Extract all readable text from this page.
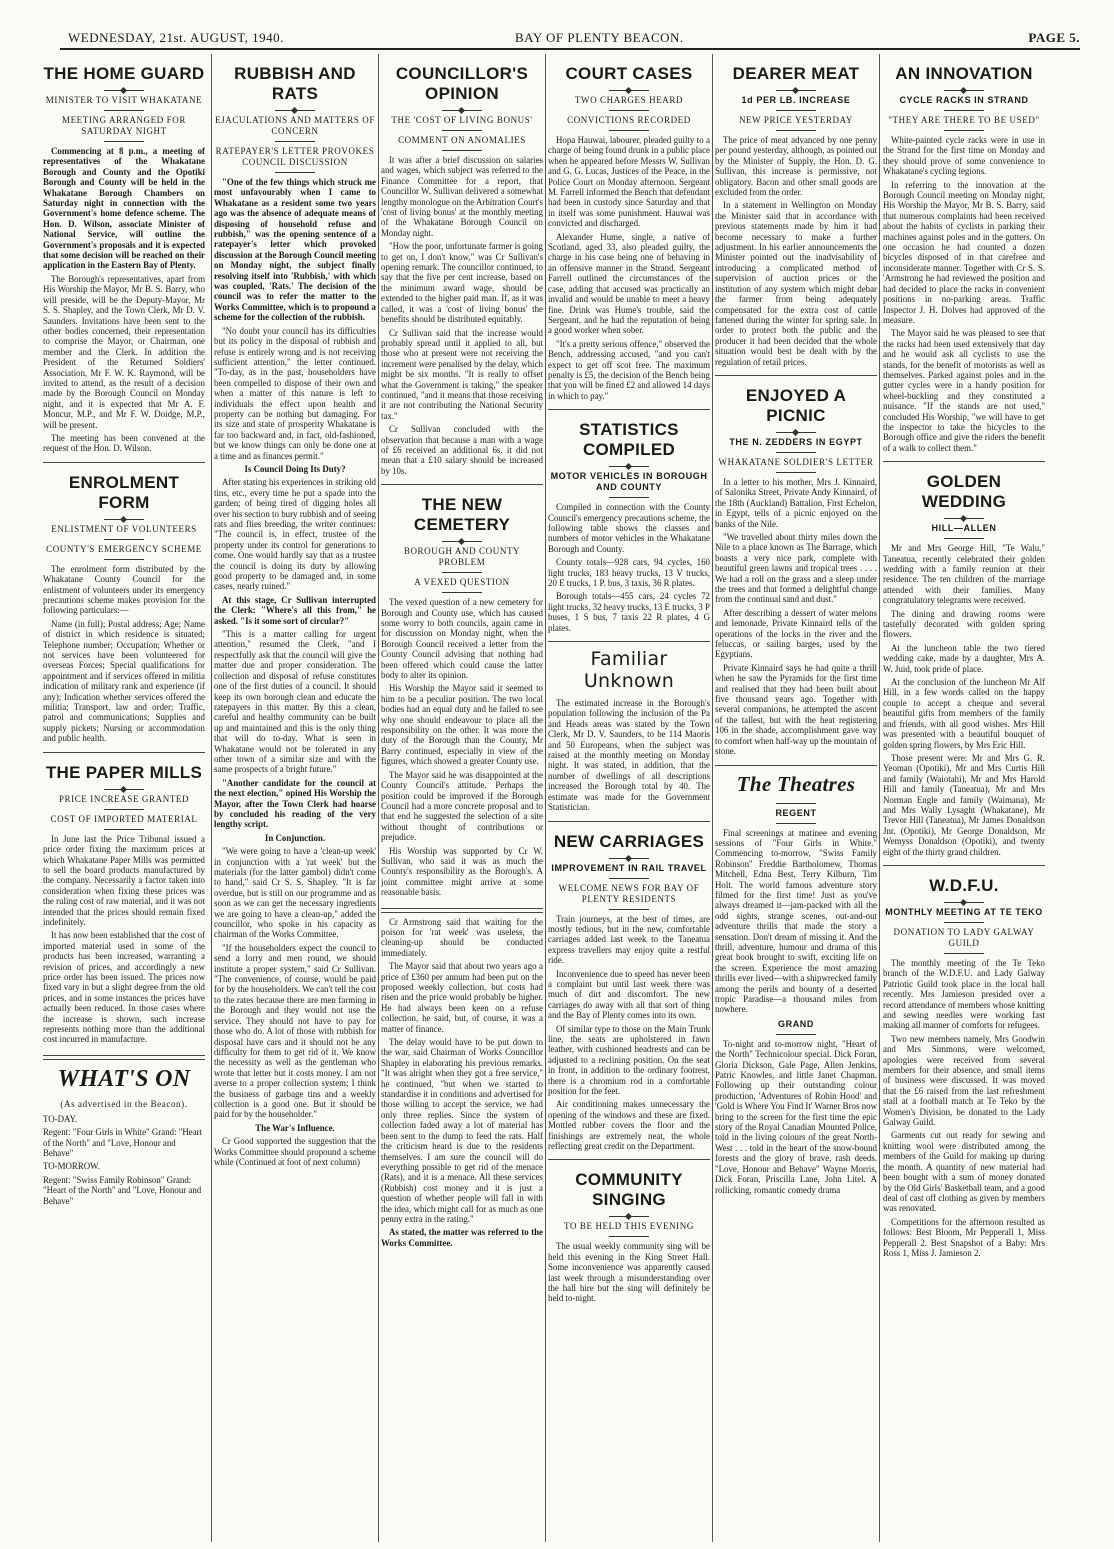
WEDNESDAY, 21st. AUGUST, 1940.	BAY OF PLENTY BEACON.	PAGE 5.
THE HOME GUARD
MINISTER TO VISIT WHAKATANE
MEETING ARRANGED FOR SATURDAY NIGHT

Commencing at 8 p.m., a meeting of representatives of the Whakatane Borough and County and the Opotiki Borough and County will be held in the Whakatane Borough Chambers on Saturday night in connection with the Government's home defence scheme. The Hon. D. Wilson, associate Minister of National Service, will outline the Government's proposals and it is expected that some decision will be reached on their application in the Eastern Bay of Plenty.

The Borough's representatives, apart from His Worship the Mayor, Mr B. S. Barry, who will preside, will be the Deputy-Mayor, Mr S. S. Shapley, and the Town Clerk, Mr D. V. Saunders. Invitations have been sent to the other bodies concerned, their representation to comprise the Mayor, or Chairman, one member and the Clerk. In addition the President of the Returned Soldiers' Association, Mr F. W. K. Raymond, will be invited to attend, as the result of a decision made by the Borough Council on Monday night, and it is expected that Mr A. F. Moncur, M.P., and Mr F. W. Doidge, M.P., will be present.

The meeting has been convened at the request of the Hon. D. Wilson.

ENROLMENT FORM
ENLISTMENT OF VOLUNTEERS
COUNTY'S EMERGENCY SCHEME

The enrolment form distributed by the Whakatane County Council for the enlistment of volunteers under its emergency precautions scheme makes provision for the following particulars:—

Name (in full); Postal address; Age; Name of district in which residence is situated; Telephone number; Occupation; Whether or not services have been volunteered for overseas Forces; Special qualifications for appointment and if services offered in militia indication of military rank and experience (if any); Indication whether services offered the militia; Transport, law and order; Traffic, patrol and communications; Supplies and supply pickets; Nursing or accommodation and public health.

THE PAPER MILLS
PRICE INCREASE GRANTED
COST OF IMPORTED MATERIAL

In June last the Price Tribunal issued a price order fixing the maximum prices at which Whakatane Paper Mills was permitted to sell the board products manufactured by the company. Necessarily a factor taken into consideration when fixing these prices was the ruling cost of raw material, and it was not intended that the prices should remain fixed indefinitely.

It has now been established that the cost of imported material used in some of the products has been increased, warranting a revision of prices, and accordingly a new price order has been issued. The prices now fixed vary in but a slight degree from the old prices, and in some instances the prices have actually been reduced. In those cases where the increase is shown, such increase represents nothing more than the additional cost incurred in manufacture.

WHAT'S ON
(As advertised in the Beacon).

TO-DAY.

Regent: "Four Girls in White" Grand: "Heart of the North" and "Love, Honour and Behave"

TO-MORROW.

Regent: "Swiss Family Robinson" Grand: "Heart of the North" and "Love, Honour and Behave"

RUBBISH AND RATS
EJACULATIONS AND MATTERS OF CONCERN
RATEPAYER'S LETTER PROVOKES COUNCIL DISCUSSION

"One of the few things which struck me most unfavourably when I came to Whakatane as a resident some two years ago was the absence of adequate means of disposing of household refuse and rubbish," was the opening sentence of a ratepayer's letter which provoked discussion at the Borough Council meeting on Monday night, the subject finally resolving itself into 'Rubbish,' with which was coupled, 'Rats.' The decision of the council was to refer the matter to the Works Committee, which is to propound a scheme for the collection of the rubbish.

"No doubt your council has its difficulties but its policy in the disposal of rubbish and refuse is entirely wrong and is not receiving sufficient attention," the letter continued. "To-day, as in the past, householders have been compelled to dispose of their own and when a matter of this nature is left to individuals the effect upon health and property can be nothing but damaging. For its size and state of prosperity Whakatane is far too backward and, in fact, old-fashioned, but we know things can only be done one at a time and as finances permit."

Is Council Doing Its Duty?

After stating his experiences in striking old tins, etc., every time he put a spade into the garden; of being tired of digging holes all over his section to bury rubbish and of seeing rats and flies breeding, the writer continues: "The council is, in effect, trustee of the property under its control for generations to come. One would hardly say that as a trustee the council is doing its duty by allowing good property to be damaged and, in some cases, nearly ruined."

At this stage, Cr Sullivan interrupted the Clerk: "Where's all this from," he asked. "Is it some sort of circular?"

"This is a matter calling for urgent attention," resumed the Clerk, "and I respectfully ask that the council will give the matter due and proper consideration. The collection and disposal of refuse constitutes one of the first duties of a council. It should keep its own borough clean and educate the ratepayers in this matter. By this a clean, careful and healthy community can be built up and maintained and this is the only thing that will do to-day. What is seen in Whakatane would not be tolerated in any other town of a similar size and with the same prospects of a bright future."

"Another candidate for the council at the next election," opined His Worship the Mayor, after the Town Clerk had hoarse by concluded his reading of the very lengthy script.

In Conjunction.

"We were going to have a 'clean-up week' in conjunction with a 'rat week' but the materials (for the latter gambol) didn't come to hand," said Cr S. S. Shapley. "It is far overdue, but is still on our programme and as soon as we can get the necessary ingredients we are going to have a clean-up," added the councillor, who spoke in his capacity as chairman of the Works Committee.

"If the householders expect the council to send a lorry and men round, we should institute a proper system," said Cr Sullivan. "The convenience, of course, would be paid for by the householders. We can't tell the cost to the rates because there are men farming in the Borough and they would not use the service. They should not have to pay for those who do. A lot of those with rubbish for disposal have cars and it should not be any difficulty for them to get rid of it. We know the necessity as well as the gentleman who wrote that letter but it costs money. I am not averse to a proper collection system; I think the business of garbage tins and a weekly collection is a good one. But it should be paid for by the householder."

The War's Influence.

Cr Good supported the suggestion that the Works Committee should propound a scheme while (Continued at foot of next column)

COUNCILLOR'S OPINION
THE 'COST OF LIVING BONUS'
COMMENT ON ANOMALIES

It was after a brief discussion on salaries and wages, which subject was referred to the Finance Committee for a report, that Councillor W. Sullivan delivered a somewhat lengthy monologue on the Arbitration Court's 'cost of living bonus' at the monthly meeting of the Whakatane Borough Council on Monday night.

"How the poor, unfortunate farmer is going to get on, I don't know," was Cr Sullivan's opening remark. The councillor continued, to say that the five per cent increase, based on the minimum award wage, should be extended to the higher paid man. If, as it was called, it was a 'cost of living bonus' the benefits should be distributed equitably.

Cr Sullivan said that the increase would probably spread until it applied to all, but those who at present were not receiving the increment were penalised by the delay, which might be six months. "It is really to offset what the Government is taking," the speaker continued, "and it means that those receiving it are not contributing the National Security tax."

Cr Sullivan concluded with the observation that because a man with a wage of £6 received an additional 6s. it did not mean that a £10 salary should be increased by 10s.

THE NEW CEMETERY
BOROUGH AND COUNTY PROBLEM
A VEXED QUESTION

The vexed question of a new cemetery for Borough and County use, which has caused some worry to both councils, again came in for discussion on Monday night, when the Borough Council received a letter from the County Council advising that nothing had been offered which could cause the latter body to alter its opinion.

His Worship the Mayor said it seemed to him to be a peculiar position. The two local bodies had an equal duty and he failed to see why one should endeavour to place all the responsibility on the other. It was more the duty of the Borough than the County, Mr Barry continued, especially in view of the figures, which showed a greater County use.

The Mayor said he was disappointed at the County Council's attitude. Perhaps the position could be improved if the Borough Council had a more concrete proposal and to that end he suggested the selection of a site without thought of contributions or prejudice.

His Worship was supported by Cr W. Sullivan, who said it was as much the County's responsibility as the Borough's. A joint committee might arrive at some reasonable basis.

Cr Armstrong said that waiting for the poison for 'rat week' was useless, the cleaning-up should be conducted immediately.

The Mayor said that about two years ago a price of £360 per annum had been put on the proposed weekly collection, but costs had risen and the price would probably be higher. He had always been keen on a refuse collection, he said, but, of course, it was a matter of finance.

The delay would have to be put down to the war, said Chairman of Works Councillor Shapley in elaborating his previous remarks. "It was alright when they got a free service," he continued, "but when we started to standardise it in conditions and advertised for those willing to accept the service, we had only three replies. Since the system of collection faded away a lot of material has been sent to the dump to feed the rats. Half the criticism heard is due to the residents themselves. I am sure the council will do everything possible to get rid of the menace (Rats), and it is a menace. All these services (Rubbish) cost money and it is just a question of whether people will fall in with the idea, which might call for as much as one penny extra in the rating."

As stated, the matter was referred to the Works Committee.

COURT CASES
TWO CHARGES HEARD
CONVICTIONS RECORDED

Hopa Hauwai, labourer, pleaded guilty to a charge of being found drunk in a public place when he appeared before Messrs W. Sullivan and G. G. Lucas, Justices of the Peace, in the Police Court on Monday afternoon. Sergeant M. Farrell informed the Bench that defendant had been in custody since Saturday and that in itself was some punishment. Hauwai was convicted and discharged.

Alexander Hume, single, a native of Scotland, aged 33, also pleaded guilty, the charge in his case being one of behaving in an offensive manner in the Strand. Sergeant Farrell outlined the circumstances of the case, adding that accused was practically an invalid and would be unable to meet a heavy fine. Drink was Hume's trouble, said the Sergeant, and he had the reputation of being a good worker when sober.

"It's a pretty serious offence," observed the Bench, addressing accused, "and you can't expect to get off scot free. The maximum penalty is £5, the decision of the Bench being that you will be fined £2 and allowed 14 days in which to pay."

STATISTICS COMPILED
MOTOR VEHICLES IN BOROUGH AND COUNTY

Compiled in connection with the County Council's emergency precautions scheme, the following table shows the classes and numbers of motor vehicles in the Whakatane Borough and County.

County totals—928 cars, 94 cycles, 160 light trucks, 183 heavy trucks, 13 V trucks, 20 E trucks, 1 P. bus, 3 taxis, 36 R plates.

Borough totals—455 cars, 24 cycles 72 light trucks, 32 heavy trucks, 13 E trucks, 3 P buses, 1 S bus, 7 taxis 22 R plates, 4 G plates.

Familiar Unknown

The estimated increase in the Borough's population following the inclusion of the Pa and Heads areas was stated by the Town Clerk, Mr D. V. Saunders, to be 114 Maoris and 50 Europeans, when the subject was raised at the monthly meeting on Monday night. It was stated, in addition, that the number of dwellings of all descriptions increased the Borough total by 40. The estimate was made for the Government Statistician.

NEW CARRIAGES
IMPROVEMENT IN RAIL TRAVEL
WELCOME NEWS FOR BAY OF PLENTY RESIDENTS

Train journeys, at the best of times, are mostly tedious, but in the new, comfortable carriages added last week to the Taneatua express travellers may enjoy quite a restful ride.

Inconvenience due to speed has never been a complaint but until last week there was much of dirt and discomfort. The new carriages do away with all that sort of thing and the Bay of Plenty comes into its own.

Of similar type to those on the Main Trunk line, the seats are upholstered in fawn leather, with cushioned headrests and can be adjusted to a reclining position. On the seat in front, in addition to the ordinary footrest, there is a chromium rod in a comfortable position for the feet.

Air conditioning makes unnecessary the opening of the windows and these are fixed. Mottled rubber covers the floor and the finishings are extremely neat, the whole reflecting great credit on the Department.

COMMUNITY SINGING
TO BE HELD THIS EVENING

The usual weekly community sing will be held this evening in the King Street Hall. Some inconvenience was apparently caused last week through a misunderstanding over the hall hire but the sing will definitely be held to-night.

DEARER MEAT
1d PER LB. INCREASE
NEW PRICE YESTERDAY

The price of meat advanced by one penny per pound yesterday, although, as pointed out by the Minister of Supply, the Hon. D. G. Sullivan, this increase is permissive, not obligatory. Bacon and other small goods are excluded from the order.

In a statement in Wellington on Monday the Minister said that in accordance with previous statements made by him it had become necessary to make a further adjustment. In his earlier announcements the Minister pointed out the inadvisability of introducing a complicated method of supervision of auction prices or the institution of any system which might debar the farmer from being adequately compensated for the extra cost of cattle fattened during the winter for spring sale. In order to protect both the public and the producer it had been decided that the whole situation would best be dealt with by the regulation of retail prices.

ENJOYED A PICNIC
THE N. ZEDDERS IN EGYPT
WHAKATANE SOLDIER'S LETTER

In a letter to his mother, Mrs J. Kinnaird, of Salonika Street, Private Andy Kinnaird, of the 18th (Auckland) Battalion, First Echelon, in Egypt, tells of a picnic enjoyed on the banks of the Nile.

"We travelled about thirty miles down the Nile to a place known as The Barrage, which boasts a very nice park, complete with beautiful green lawns and tropical trees . . . . We had a roll on the grass and a sleep under the trees and that formed a delightful change from the continual sand and dust."

After describing a dessert of water melons and lemonade, Private Kinnaird tells of the operations of the locks in the river and the feluccas, or sailing barges, used by the Egyptians.

Private Kinnaird says he had quite a thrill when he saw the Pyramids for the first time and realised that they had been built about five thousand years ago. Together with several companions, he attempted the ascent of the tallest, but with the heat registering 106 in the shade, accomplishment gave way to comfort when half-way up the mountain of stone.

The Theatres
REGENT

Final screenings at matinee and evening sessions of "Four Girls in White." Commencing to-morrow, "Swiss Family Robinson" Freddie Bartholomew, Thomas Mitchell, Edna Best, Terry Kilburn, Tim Holt. The world famous adventure story filmed for the first time! Just as you've always dreamed it—jam-packed with all the odd sights, strange scenes, out-and-out adventure thrills that made the story a sensation. Don't dream of missing it. And the thrill, adventure, humour and drama of this great book brought to swift, exciting life on the screen. Experience the most amazing thrills ever lived—with a shipwrecked family among the perils and bounty of a deserted tropic Paradise—a thousand miles from nowhere.

GRAND

To-night and to-morrow night, "Heart of the North" Technicolour special. Dick Foran, Gloria Dickson, Gale Page, Allen Jenkins, Patric Knowles, and little Janet Chapman. Following up their outstanding colour production, 'Adventures of Robin Hood' and 'Gold is Where You Find It' Warner Bros now bring to the screen for the first time the epic story of the Royal Canadian Mounted Police, told in the living colours of the great North-West . . . told in the heart of the snow-bound forests and the glory of brave, rash deeds. "Love, Honour and Behave" Wayne Morris, Dick Foran, Priscilla Lane, John Litel. A rollicking, romantic comedy drama

AN INNOVATION
CYCLE RACKS IN STRAND
"THEY ARE THERE TO BE USED"

White-painted cycle racks were in use in the Strand for the first time on Monday and they should prove of some convenience to Whakatane's cycling legions.

In referring to the innovation at the Borough Council meeting on Monday night, His Worship the Mayor, Mr B. S. Barry, said that numerous complaints had been received about the habits of cyclists in parking their machines against poles and in the gutters. On one occasion he had counted a dozen bicycles disposed of in that carefree and inconsiderate manner. Together with Cr S. S. 'Armstrong he had reviewed the position and had decided to place the racks in convenient positions in no-parking areas. Traffic Inspector J. H. Dolves had approved of the measure.

The Mayor said he was pleased to see that the racks had been used extensively that day and he would ask all cyclists to use the stands, for the benefit of motorists as well as themselves. Parked against poles and in the gutter cycles were in a handy position for wheel-buckling and they constituted a nuisance. "If the stands are not used," concluded His Worship, "we will have to get the inspector to take the bicycles to the Borough office and give the riders the benefit of a walk to collect them."

GOLDEN WEDDING
HILL—ALLEN

Mr and Mrs George Hill, "Te Walu," Taneatua, recently celebrated their golden wedding with a family reunion at their residence. The ten children of the marriage attended with their families. Many congratulatory telegrams were received.

The dining and drawing rooms were tastefully decorated with golden spring flowers.

At the luncheon table the two tiered wedding cake, made by a daughter, Mrs A. W. Juid, took pride of place.

At the conclusion of the luncheon Mr Alf Hill, in a few words called on the happy couple to accept a cheque and several beautiful gifts from members of the family and friends, with all good wishes. Mrs Hill was presented with a beautiful bouquet of golden spring flowers, by Mrs Eric Hill.

Those present were: Mr and Mrs G. R. Yeoman (Opotiki), Mr and Mrs Curtis Hill and family (Waiotahi), Mr and Mrs Harold Hill and family (Taneatua), Mr and Mrs Norman Engle and family (Waimana), Mr and Mrs Wally Lysaght (Whakatane), Mr Trevor Hill (Taneatua), Mr James Donaldson Jnr. (Opotiki), Mr George Donaldson, Mr Wemyss Donaldson (Opotiki), and twenty eight of the thirty grand children.

W.D.F.U.
MONTHLY MEETING AT TE TEKO
DONATION TO LADY GALWAY GUILD

The monthly meeting of the Te Teko branch of the W.D.F.U. and Lady Galway Patriotic Guild took place in the local hall recently. Mrs Jamieson presided over a record attendance of members whose knitting and sewing needles were working fast making all manner of comforts for refugees.

Two new members namely, Mrs Goodwin and Mrs Simmons, were welcomed, apologies were received from several members for their absence, and small items of business were discussed. It was moved that the £6 raised from the last refreshment stall at a football match at Te Teko by the Women's Division, be donated to the Lady Galway Guild.

Garments cut out ready for sewing and knitting wool were distributed among the members of the Guild for making up during the month. A quantity of new material had been bought with a sum of money donated by the Old Girls' Basketball team, and a good deal of cast off clothing as given by members was renovated.

Competitions for the afternoon resulted as follows: Best Bloom, Mr Pepperall 1, Miss Pepperall 2. Best Snapshot of a Baby: Mrs Ross 1, Miss J. Jamieson 2.
